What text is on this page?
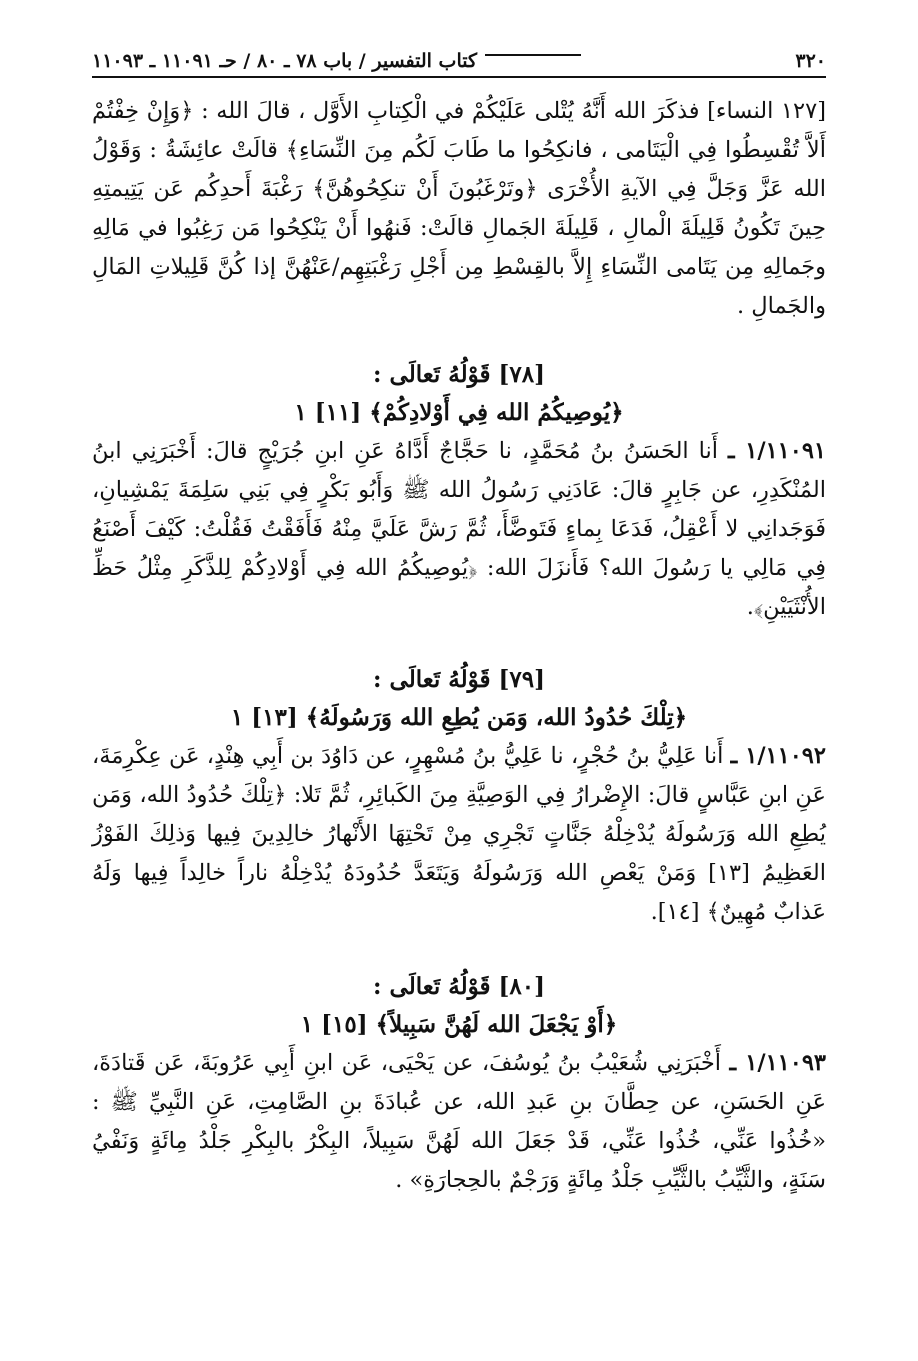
٣٢٠
كتاب التفسير / باب ٧٨ ـ ٨٠ / حـ ١١٠٩١ ـ ١١٠٩٣

[١٢٧ النساء] فذكَرَ الله أَنَّهُ يُتْلى عَلَيْكُمْ في الْكِتابِ الأَوَّل ، قالَ الله : ﴿وَإِنْ خِفْتُمْ أَلاَّ تُقْسِطُوا فِي الْيَتَامى ، فانكِحُوا ما طَابَ لَكُم مِنَ النِّسَاءِ﴾ قالَتْ عائِشَةُ : وَقَوْلُ الله عَزَّ وَجَلَّ فِي الآيةِ الأُخْرَى ﴿وتَرْغَبُونَ أَنْ تنكِحُوهُنَّ﴾ رَغْبَةَ أَحدِكُم عَن يَتِيمتِهِ حِينَ تَكُونُ قَلِيلَةَ الْمالِ ، قَلِيلَةَ الجَمالِ قالَتْ: فَنهُوا أَنْ يَنْكِحُوا مَن رَغِبُوا في مَالِهِ وجَمالِهِ مِن يَتَامى النِّسَاءِ إِلاَّ بالقِسْطِ مِن أَجْلِ رَغْبَتِهِم/عَنْهُنَّ إذا كُنَّ قَلِيلاتِ المَالِ والجَمالِ .

[٧٨] قَوْلُهُ تَعالَى :

﴿يُوصِيكُمُ الله فِي أَوْلادِكُمْ﴾ [١١] ١

١/١١٠٩١ ـ أَنا الحَسَنُ بنُ مُحَمَّدٍ، نا حَجَّاجٌ أَدَّاهُ عَنِ ابنِ جُرَيْجٍ قالَ: أَخْبَرَنِي ابنُ المُنْكَدِرِ، عن جَابِرٍ قالَ: عَادَنِي رَسُولُ الله ﷺ وَأَبُو بَكْرٍ فِي بَنِي سَلِمَةَ يَمْشِيانِ، فَوَجَدانِي لا أَعْقِلُ، فَدَعَا بِماءٍ فَتَوضَّأَ، ثُمَّ رَشَّ عَلَيَّ مِنْهُ فَأَفَقْتُ فَقُلْتُ: كَيْفَ أَصْنَعُ فِي مَالِي يا رَسُولَ الله؟ فَأَنزَلَ الله: ﴿يُوصِيكُمُ الله فِي أَوْلادِكُمْ لِلذَّكَرِ مِثْلُ حَظِّ الأُنْثَيَيْنِ﴾.

[٧٩] قَوْلُهُ تَعالَى :

﴿تِلْكَ حُدُودُ الله، وَمَن يُطِعِ الله وَرَسُولَهُ﴾ [١٣] ١

١/١١٠٩٢ ـ أَنا عَلِيُّ بنُ حُجْرٍ، نا عَلِيُّ بنُ مُسْهِرٍ، عن دَاوُدَ بن أَبِي هِنْدٍ، عَن عِكْرِمَةَ، عَنِ ابنِ عَبَّاسٍ قالَ: الإِضْرارُ فِي الوَصِيَّةِ مِنَ الكَبائِرِ، ثُمَّ تَلا: ﴿تِلْكَ حُدُودُ الله، وَمَن يُطِعِ الله وَرَسُولَهُ يُدْخِلْهُ جَنَّاتٍ تَجْرِي مِنْ تَحْتِهَا الأَنْهارُ خالِدِينَ فِيها وَذلِكَ الفَوْزُ العَظِيمُ [١٣] وَمَنْ يَعْصِ الله وَرَسُولَهُ وَيَتَعَدَّ حُدُودَهُ يُدْخِلْهُ ناراً خالِداً فِيها وَلَهُ عَذابٌ مُهِينٌ﴾ [١٤].

[٨٠] قَوْلُهُ تَعالَى :

﴿أَوْ يَجْعَلَ الله لَهُنَّ سَبِيلاً﴾ [١٥] ١

١/١١٠٩٣ ـ أَخْبَرَنِي شُعَيْبُ بنُ يُوسُفَ، عن يَحْيَى، عَن ابنِ أَبِي عَرُوبَةَ، عَن قَتادَةَ، عَنِ الحَسَنِ، عن حِطَّانَ بنِ عَبدِ الله، عن عُبادَةَ بنِ الصَّامِتِ، عَنِ النَّبِيِّ ﷺ : «خُذُوا عَنِّي، خُذُوا عَنِّي، قَدْ جَعَلَ الله لَهُنَّ سَبِيلاً، البِكْرُ بالبِكْرِ جَلْدُ مِائَةٍ وَنَفْيُ سَنَةٍ، والثَّيِّبُ بالثَّيِّبِ جَلْدُ مِائَةٍ وَرَجْمٌ بالحِجارَةِ» .
